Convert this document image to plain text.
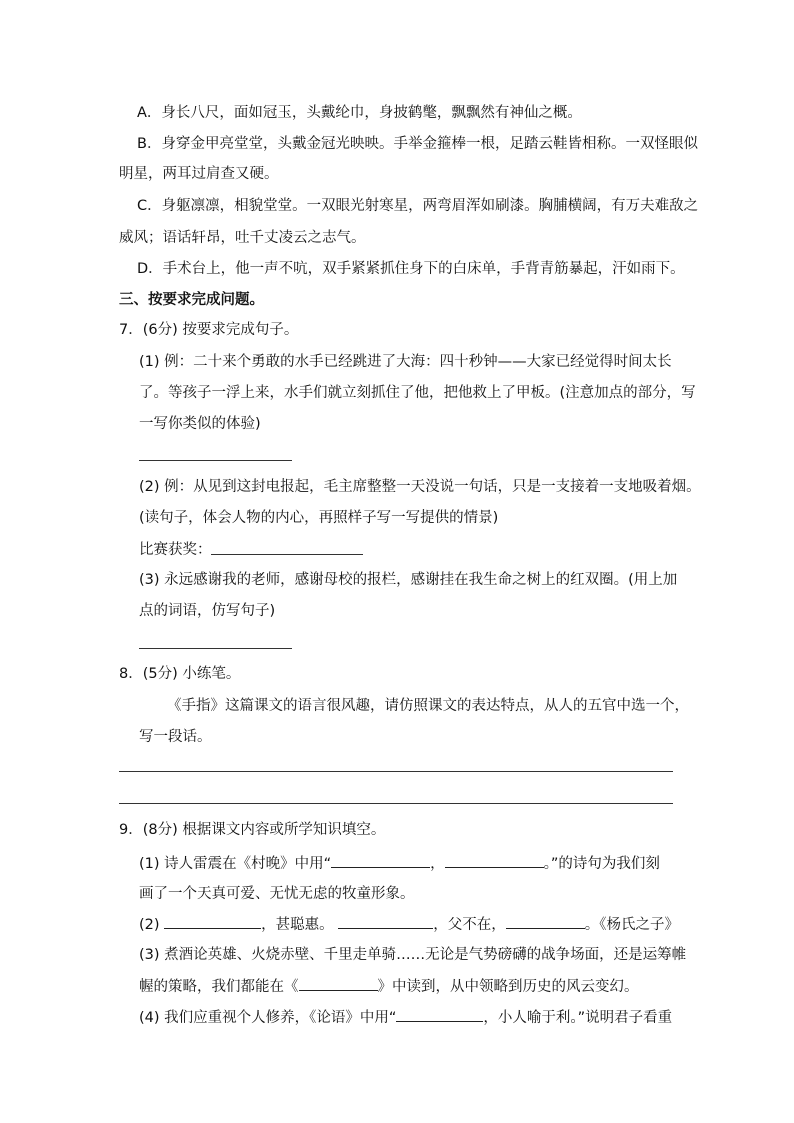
A．身长八尺，面如冠玉，头戴纶巾，身披鹤氅，飘飘然有神仙之概。
B．身穿金甲亮堂堂，头戴金冠光映映。手举金箍棒一根，足踏云鞋皆相称。一双怪眼似
明星，两耳过肩查又硬。
C．身躯凛凛，相貌堂堂。一双眼光射寒星，两弯眉浑如刷漆。胸脯横阔，有万夫难敌之
威风；语话轩昂，吐千丈凌云之志气。
D．手术台上，他一声不吭，双手紧紧抓住身下的白床单，手背青筋暴起，汗如雨下。
三、按要求完成问题。
7．(6分) 按要求完成句子。
(1) 例：二十来个勇敢的水手已经跳进了大海：四十秒钟——大家已经觉得时间太长
了。等孩子一浮上来，水手们就立刻抓住了他，把他救上了甲板。(注意加点的部分，写
一写你类似的体验)
(2) 例：从见到这封电报起，毛主席整整一天没说一句话，只是一支接着一支地吸着烟。
(读句子，体会人物的内心，再照样子写一写提供的情景)
比赛获奖：
(3) 永远感谢我的老师，感谢母校的报栏，感谢挂在我生命之树上的红双圈。(用上加
点的词语，仿写句子)
8．(5分) 小练笔。
《手指》这篇课文的语言很风趣，请仿照课文的表达特点，从人的五官中选一个，
写一段话。
9．(8分) 根据课文内容或所学知识填空。
(1) 诗人雷震在《村晚》中用“	，	。”的诗句为我们刻
画了一个天真可爱、无忧无虑的牧童形象。
(2)	，甚聪惠。	，父不在，	。《杨氏之子》
(3) 煮酒论英雄、火烧赤壁、千里走单骑……无论是气势磅礴的战争场面，还是运筹帷
幄的策略，我们都能在《	》中读到，从中领略到历史的风云变幻。
(4) 我们应重视个人修养，《论语》中用“	，小人喻于利。”说明君子看重
